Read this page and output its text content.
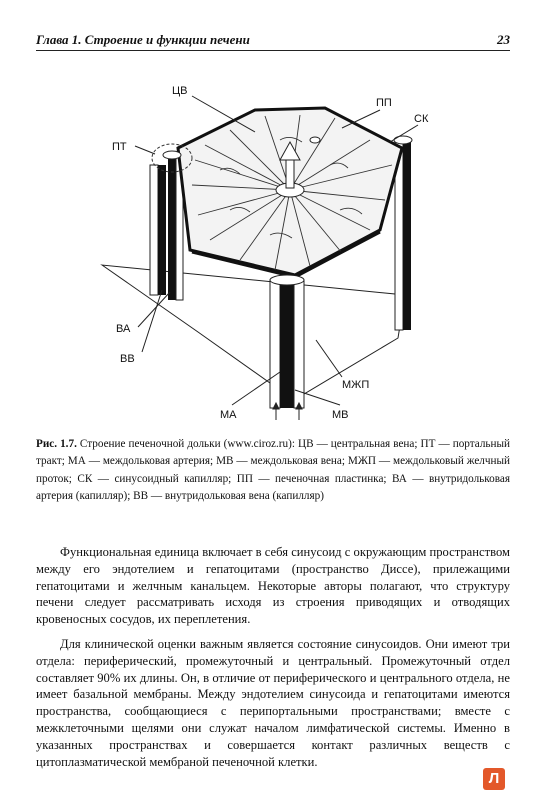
Глава 1. Строение и функции печени	23
ЦВ
ПП
СК
ПТ
ВА
ВВ
МЖП
МА	МВ
Рис. 1.7. Строение печеночной дольки (www.ciroz.ru): ЦВ — центральная вена; ПТ — портальный тракт; МА — междольковая артерия; МВ — междольковая вена; МЖП — междольковый желчный проток; СК — синусоидный капилляр; ПП — печеночная пластинка; ВА — внутридольковая артерия (капилляр); ВВ — внутридольковая вена (капилляр)

Функциональная единица включает в себя синусоид с окружающим пространством между его эндотелием и гепатоцитами (пространство Диссе), прилежащими гепатоцитами и желчным канальцем. Некоторые авторы полагают, что структуру печени следует рассматривать исходя из строения приводящих и отводящих кровеносных сосудов, их переплетения.

Для клинической оценки важным является состояние синусоидов. Они имеют три отдела: периферический, промежуточный и центральный. Промежуточный отдел составляет 90% их длины. Он, в отличие от периферического и центрального отдела, не имеет базальной мембраны. Между эндотелием синусоида и гепатоцитами имеются пространства, сообщающиеся с перипортальными пространствами; вместе с межклеточными щелями они служат началом лимфатической системы. Именно в указанных пространствах и совершается контакт различных веществ с цитоплазматической мембраной печеночной клетки.

Л
